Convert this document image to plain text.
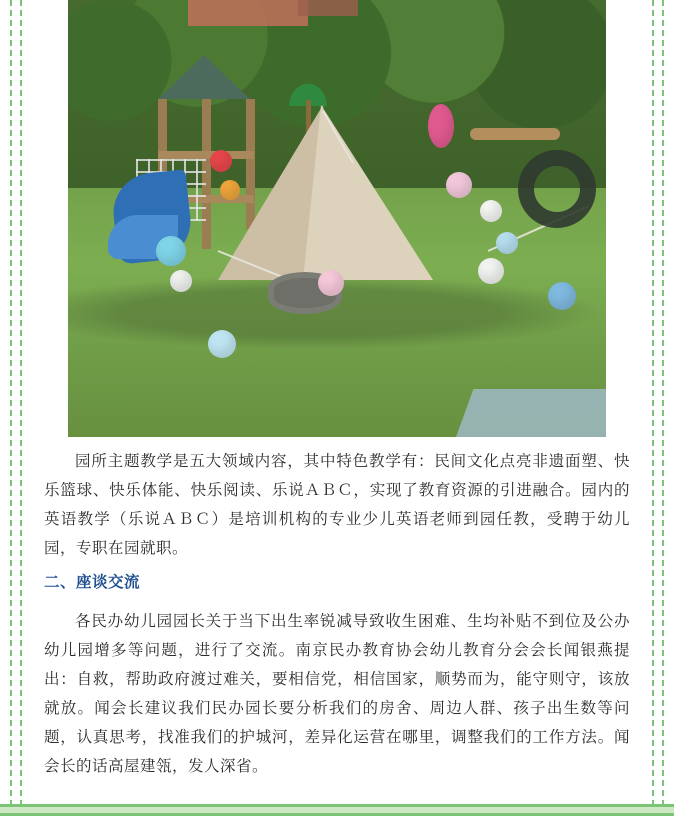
园所主题教学是五大领域内容，其中特色教学有：民间文化点亮非遗面塑、快乐篮球、快乐体能、快乐阅读、乐说ＡＢＣ，实现了教育资源的引进融合。园内的英语教学（乐说ＡＢＣ）是培训机构的专业少儿英语老师到园任教，受聘于幼儿园，专职在园就职。

二、座谈交流

各民办幼儿园园长关于当下出生率锐减导致收生困难、生均补贴不到位及公办幼儿园增多等问题，进行了交流。南京民办教育协会幼儿教育分会会长闻银燕提出：自救，帮助政府渡过难关，要相信党，相信国家，顺势而为，能守则守，该放就放。闻会长建议我们民办园长要分析我们的房舍、周边人群、孩子出生数等问题，认真思考，找准我们的护城河，差异化运营在哪里，调整我们的工作方法。闻会长的话高屋建瓴，发人深省。
